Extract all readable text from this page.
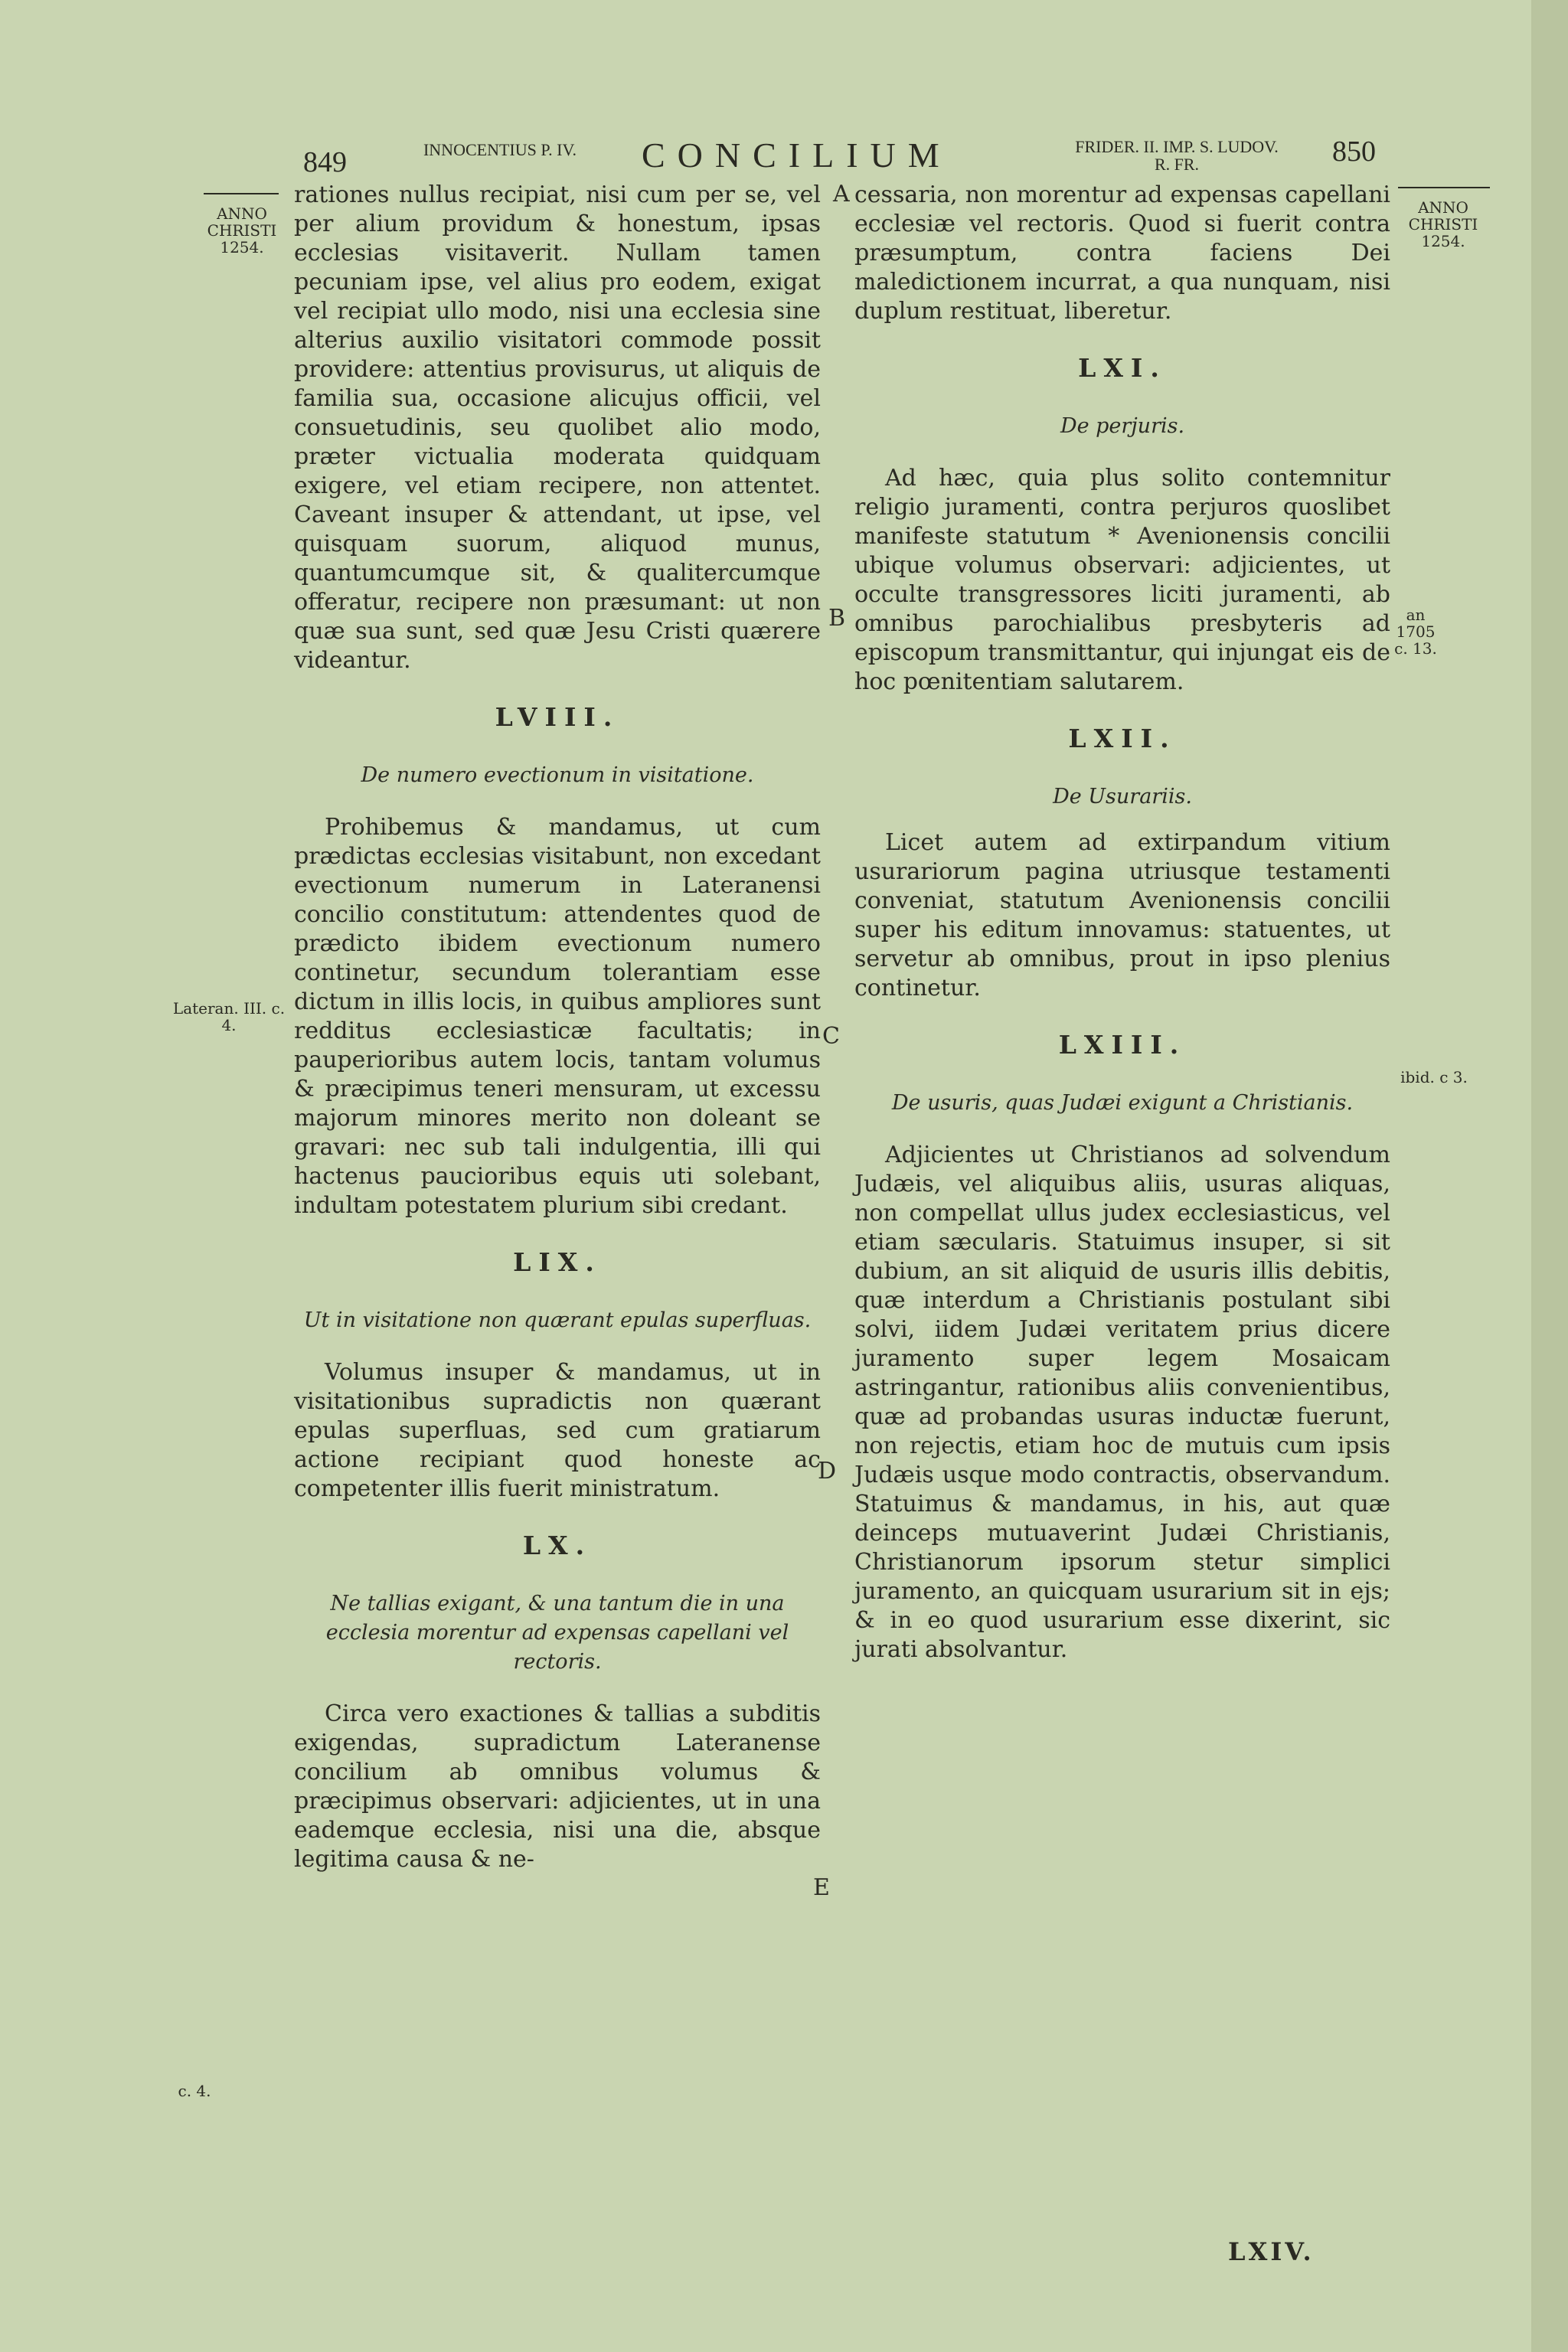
849	INNOCENTIUS P. IV. CONCILIUM	FRIDER. II. IMP. S. LUDOV. R. FR.	850
ANNO CHRISTI 1254.
ANNO CHRISTI 1254.
Lateran. III. c. 4.
c. 4.
an 1705 c. 13.
ibid. c 3.
A
B
C
D
E

rationes nullus recipiat, nisi cum per se, vel per alium providum & honestum, ipsas ecclesias visitaverit. Nullam tamen pecuniam ipse, vel alius pro eodem, exigat vel recipiat ullo modo, nisi una ecclesia sine alterius auxilio visitatori commode possit providere: attentius provisurus, ut aliquis de familia sua, occasione alicujus officii, vel consuetudinis, seu quolibet alio modo, præter victualia moderata quidquam exigere, vel etiam recipere, non attentet. Caveant insuper & attendant, ut ipse, vel quisquam suorum, aliquod munus, quantumcumque sit, & qualitercumque offeratur, recipere non præsumant: ut non quæ sua sunt, sed quæ Jesu Cristi quærere videantur.

LVIII.
De numero evectionum in visitatione.

Prohibemus & mandamus, ut cum prædictas ecclesias visitabunt, non excedant evectionum numerum in Lateranensi concilio constitutum: attendentes quod de prædicto ibidem evectionum numero continetur, secundum tolerantiam esse dictum in illis locis, in quibus ampliores sunt redditus ecclesiasticæ facultatis; in pauperioribus autem locis, tantam volumus & præcipimus teneri mensuram, ut excessu majorum minores merito non doleant se gravari: nec sub tali indulgentia, illi qui hactenus paucioribus equis uti solebant, indultam potestatem plurium sibi credant.

LIX.
Ut in visitatione non quærant epulas superfluas.

Volumus insuper & mandamus, ut in visitationibus supradictis non quærant epulas superfluas, sed cum gratiarum actione recipiant quod honeste ac competenter illis fuerit ministratum.

LX.
Ne tallias exigant, & una tantum die in una ecclesia morentur ad expensas capellani vel rectoris.

Circa vero exactiones & tallias a subditis exigendas, supradictum Lateranense concilium ab omnibus volumus & præcipimus observari: adjicientes, ut in una eademque ecclesia, nisi una die, absque legitima causa & ne-

cessaria, non morentur ad expensas capellani ecclesiæ vel rectoris. Quod si fuerit contra præsumptum, contra faciens Dei maledictionem incurrat, a qua nunquam, nisi duplum restituat, liberetur.

LXI.
De perjuris.

Ad hæc, quia plus solito contemnitur religio juramenti, contra perjuros quoslibet manifeste statutum * Avenionensis concilii ubique volumus observari: adjicientes, ut occulte transgressores liciti juramenti, ab omnibus parochialibus presbyteris ad episcopum transmittantur, qui injungat eis de hoc pœnitentiam salutarem.

LXII.
De Usurariis.

Licet autem ad extirpandum vitium usurariorum pagina utriusque testamenti conveniat, statutum Avenionensis concilii super his editum innovamus: statuentes, ut servetur ab omnibus, prout in ipso plenius continetur.

LXIII.
De usuris, quas Judæi exigunt a Christianis.

Adjicientes ut Christianos ad solvendum Judæis, vel aliquibus aliis, usuras aliquas, non compellat ullus judex ecclesiasticus, vel etiam sæcularis. Statuimus insuper, si sit dubium, an sit aliquid de usuris illis debitis, quæ interdum a Christianis postulant sibi solvi, iidem Judæi veritatem prius dicere juramento super legem Mosaicam astringantur, rationibus aliis convenientibus, quæ ad probandas usuras inductæ fuerunt, non rejectis, etiam hoc de mutuis cum ipsis Judæis usque modo contractis, observandum. Statuimus & mandamus, in his, aut quæ deinceps mutuaverint Judæi Christianis, Christianorum ipsorum stetur simplici juramento, an quicquam usurarium sit in ejs; & in eo quod usurarium esse dixerint, sic jurati absolvantur.

LXIV.
